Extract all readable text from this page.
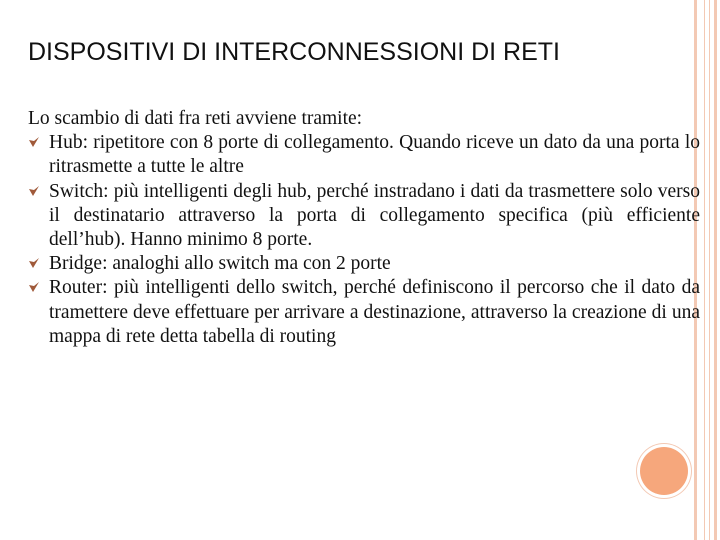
DISPOSITIVI DI INTERCONNESSIONI DI RETI

Lo scambio di dati fra reti avviene tramite:

Hub: ripetitore con 8 porte di collegamento. Quando riceve un dato da una porta lo ritrasmette a tutte le altre
Switch: più intelligenti degli hub, perché instradano i dati da trasmettere solo verso il destinatario attraverso la porta di collegamento specifica (più efficiente dell’hub). Hanno minimo 8 porte.
Bridge: analoghi allo switch ma con 2 porte
Router: più intelligenti dello switch, perché definiscono il percorso che il dato da tramettere deve effettuare per arrivare a destinazione, attraverso la creazione di una mappa di rete detta tabella di routing
